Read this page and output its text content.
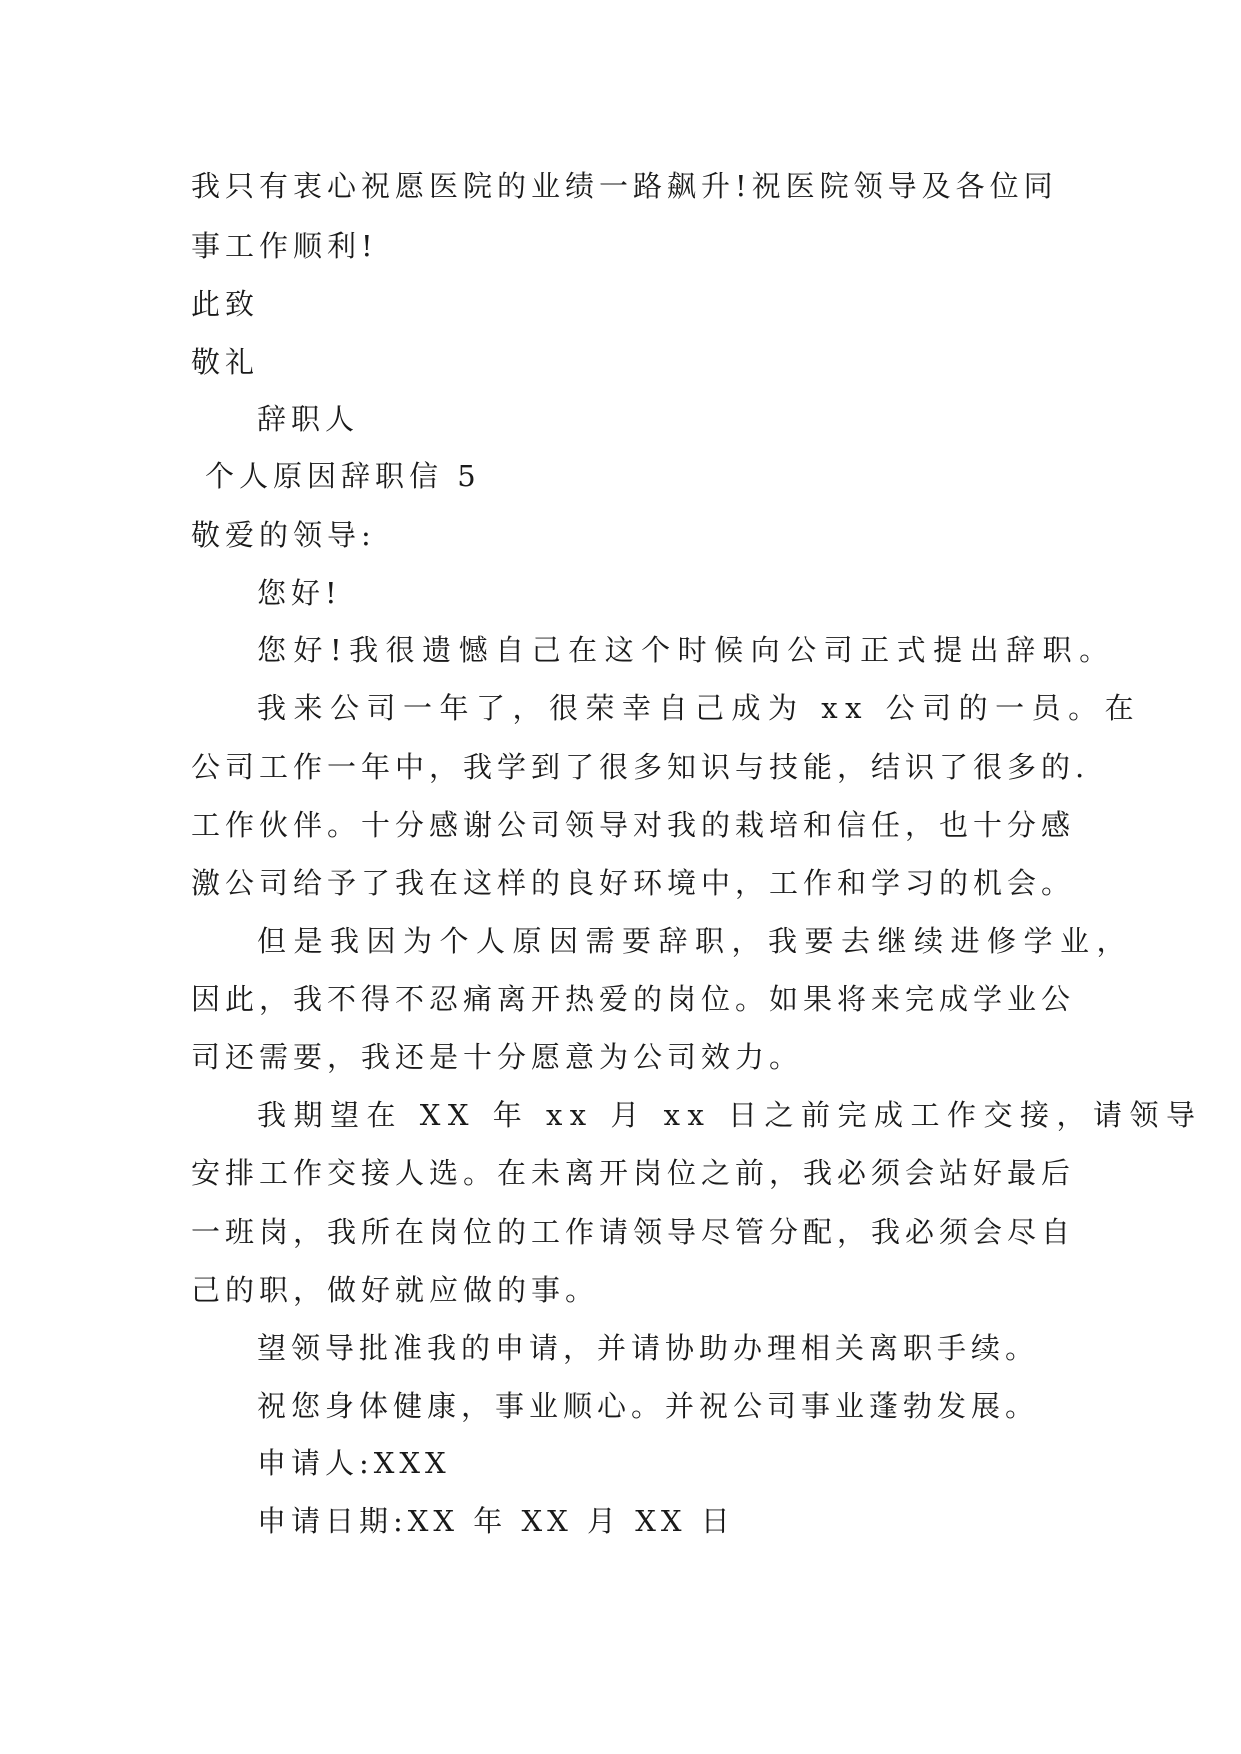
我只有衷心祝愿医院的业绩一路飙升!祝医院领导及各位同
事工作顺利!
此致
敬礼
辞职人
个人原因辞职信 5
敬爱的领导:
您好!
您好!我很遗憾自己在这个时候向公司正式提出辞职。
我来公司一年了，很荣幸自己成为 xx 公司的一员。在
公司工作一年中，我学到了很多知识与技能，结识了很多的.
工作伙伴。十分感谢公司领导对我的栽培和信任，也十分感
激公司给予了我在这样的良好环境中，工作和学习的机会。
但是我因为个人原因需要辞职，我要去继续进修学业，
因此，我不得不忍痛离开热爱的岗位。如果将来完成学业公
司还需要，我还是十分愿意为公司效力。
我期望在 XX 年 xx 月 xx 日之前完成工作交接，请领导
安排工作交接人选。在未离开岗位之前，我必须会站好最后
一班岗，我所在岗位的工作请领导尽管分配，我必须会尽自
己的职，做好就应做的事。
望领导批准我的申请，并请协助办理相关离职手续。
祝您身体健康，事业顺心。并祝公司事业蓬勃发展。
申请人:XXX
申请日期:XX 年 XX 月 XX 日
